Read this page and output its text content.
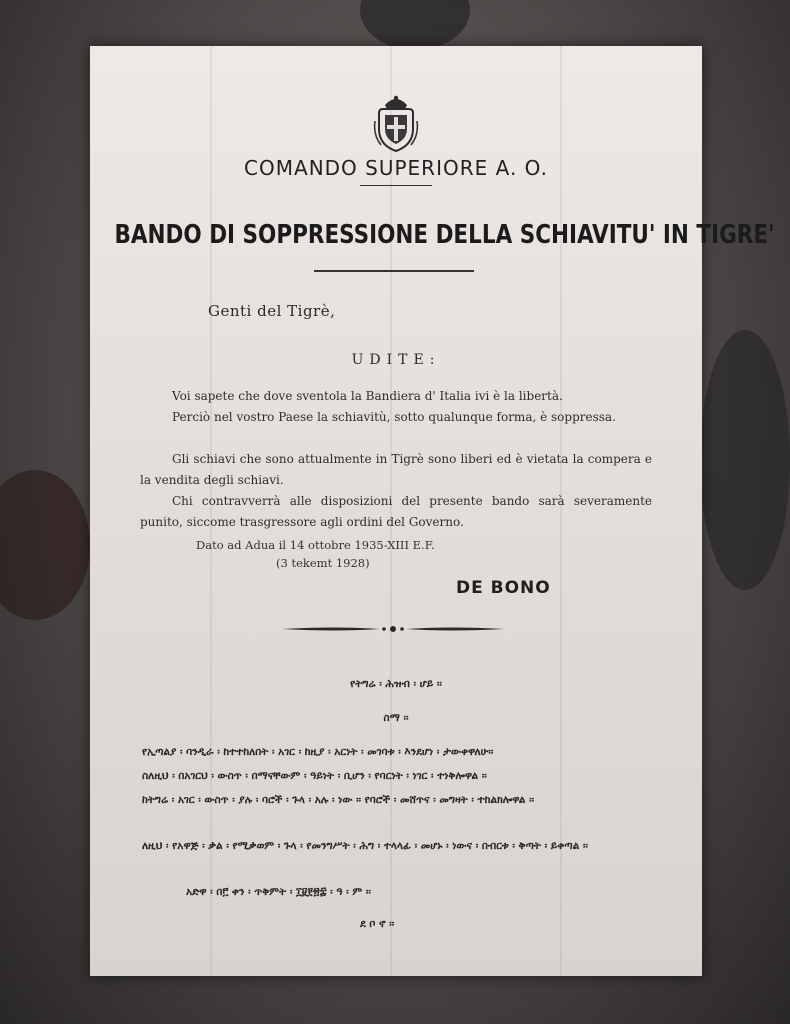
COMANDO SUPERIORE A. O.
BANDO DI SOPPRESSIONE DELLA SCHIAVITU' IN TIGRE'
Genti del Tigrè,
UDITE:
Voi sapete che dove sventola la Bandiera d' Italia ivi è la libertà.
Perciò nel vostro Paese la schiavitù, sotto qualunque forma, è soppressa.
Gli schiavi che sono attualmente in Tigrè sono liberi ed è vietata la compera e la vendita degli schiavi.
Chi contravverrà alle disposizioni del presente bando sarà severamente punito, siccome trasgressore agli ordini del Governo.
Dato ad Adua il 14 ottobre 1935-XIII E.F.
(3 tekemt 1928)
DE BONO
የትግሬ ፡ ሕዝብ ፡ ሆይ ፡፡
ስማ ፡፡
የኢጣልያ ፡ ባንዲራ ፡ ከተተከለበት ፡ አገር ፡ ከዚያ ፡ አርነት ፡ መገባቱ ፡ እንደሆነ ፡ ታውቀዋለሁ፡፡
ስለዚህ ፡ በአገርህ ፡ ውስጥ ፡ በማናቸውም ፡ ዓይነት ፡ ቢሆን ፡ የባርነት ፡ ነገር ፡ ተነቅሎዋል ፡፡
ከትግሬ ፡ አገር ፡ ውስጥ ፡ ያሉ ፡ ባሮች ፡ ጉላ ፡ አሉ ፡ ነው ፡፡ የባሮች ፡ መሸጥና ፡ መግዛት ፡ ተከልክሎዋል ፡፡
ለዚህ ፡ የአዋጅ ፡ ቃል ፡ የሚቃወም ፡ ጉላ ፡ የመንግሥት ፡ ሕግ ፡ ተላላፊ ፡ መሆኑ ፡ ነውና ፡ በብርቱ ፡ ቅጣት ፡ ይቀጣል ፡፡
አድዋ ፡ በ፫ ቀን ፡ ጥቅምት ፡ ፲፱፻፳፰ ፡ ዓ ፡ ም ፡፡
ደ ቦ ኖ ፡፡
